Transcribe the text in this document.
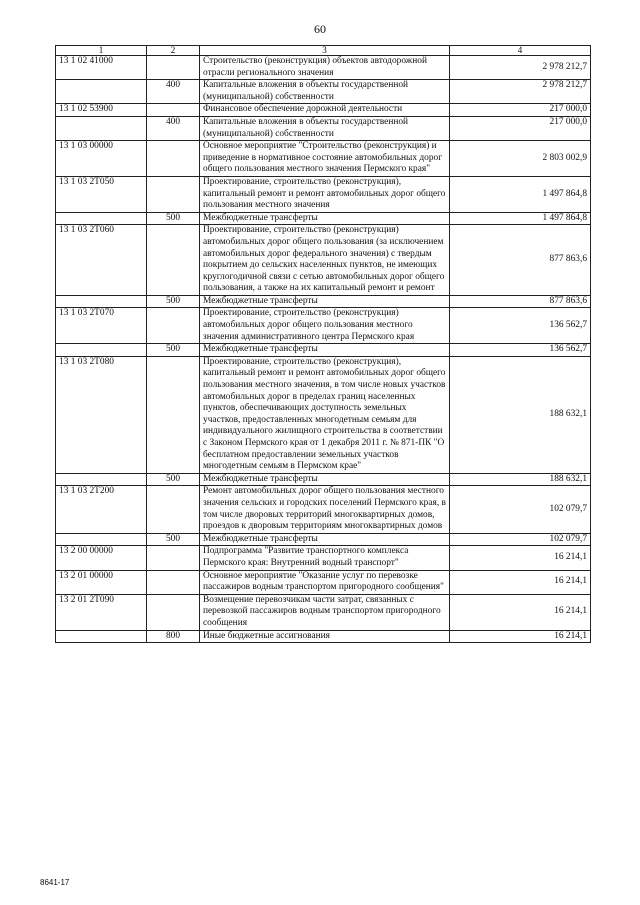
60
1	2	3	4
13 1 02 41000		Строительство (реконструкция) объектов автодорожной отрасли регионального значения	2 978 212,7
	400	Капитальные вложения в объекты государственной (муниципальной) собственности	2 978 212,7
13 1 02 53900		Финансовое обеспечение дорожной деятельности	217 000,0
	400	Капитальные вложения в объекты государственной (муниципальной) собственности	217 000,0
13 1 03 00000		Основное мероприятие "Строительство (реконструкция) и приведение в нормативное состояние автомобильных дорог общего пользования местного значения Пермского края"	2 803 002,9
13 1 03 2T050		Проектирование, строительство (реконструкция), капитальный ремонт и ремонт автомобильных дорог общего пользования местного значения	1 497 864,8
	500	Межбюджетные трансферты	1 497 864,8
13 1 03 2T060		Проектирование, строительство (реконструкция) автомобильных дорог общего пользования (за исключением автомобильных дорог федерального значения) с твердым покрытием до сельских населенных пунктов, не имеющих круглогодичной связи с сетью автомобильных дорог общего пользования, а также на их капитальный ремонт и ремонт	877 863,6
	500	Межбюджетные трансферты	877 863,6
13 1 03 2T070		Проектирование, строительство (реконструкция) автомобильных дорог общего пользования местного значения административного центра Пермского края	136 562,7
	500	Межбюджетные трансферты	136 562,7
13 1 03 2T080		Проектирование, строительство (реконструкция), капитальный ремонт и ремонт автомобильных дорог общего пользования местного значения, в том числе новых участков автомобильных дорог в пределах границ населенных пунктов, обеспечивающих доступность земельных участков, предоставленных многодетным семьям для индивидуального жилищного строительства в соответствии с Законом Пермского края от 1 декабря 2011 г. № 871-ПК "О бесплатном предоставлении земельных участков многодетным семьям в Пермском крае"	188 632,1
	500	Межбюджетные трансферты	188 632,1
13 1 03 2T200		Ремонт автомобильных дорог общего пользования местного значения сельских и городских поселений Пермского края, в том числе дворовых территорий многоквартирных домов, проездов к дворовым территориям многоквартирных домов	102 079,7
	500	Межбюджетные трансферты	102 079,7
13 2 00 00000		Подпрограмма "Развитие транспортного комплекса Пермского края: Внутренний водный транспорт"	16 214,1
13 2 01 00000		Основное мероприятие "Оказание услуг по перевозке пассажиров водным транспортом пригородного сообщения"	16 214,1
13 2 01 2T090		Возмещение перевозчикам части затрат, связанных с перевозкой пассажиров водным транспортом пригородного сообщения	16 214,1
	800	Иные бюджетные ассигнования	16 214,1
8641-17
